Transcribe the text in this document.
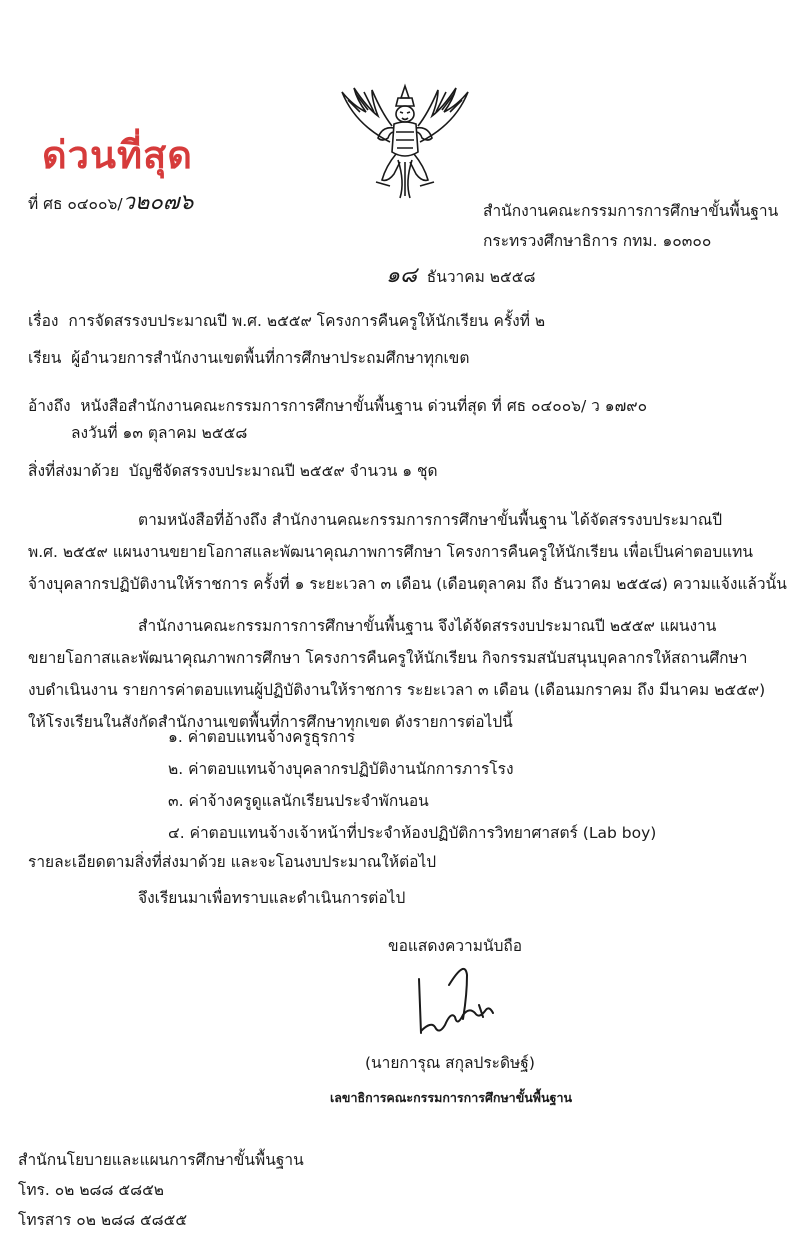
ด่วนที่สุด
ที่ ศธ ๐๔๐๐๖/ว๒๐๗๖	สำนักงานคณะกรรมการการศึกษาขั้นพื้นฐาน
กระทรวงศึกษาธิการ กทม. ๑๐๓๐๐
๑๘ ธันวาคม ๒๕๕๘
เรื่อง การจัดสรรงบประมาณปี พ.ศ. ๒๕๕๙ โครงการคืนครูให้นักเรียน ครั้งที่ ๒
เรียน ผู้อำนวยการสำนักงานเขตพื้นที่การศึกษาประถมศึกษาทุกเขต
อ้างถึง หนังสือสำนักงานคณะกรรมการการศึกษาขั้นพื้นฐาน ด่วนที่สุด ที่ ศธ ๐๔๐๐๖/ ว ๑๗๙๐
ลงวันที่ ๑๓ ตุลาคม ๒๕๕๘
สิ่งที่ส่งมาด้วย บัญชีจัดสรรงบประมาณปี ๒๕๕๙ จำนวน ๑ ชุด
ตามหนังสือที่อ้างถึง สำนักงานคณะกรรมการการศึกษาขั้นพื้นฐาน ได้จัดสรรงบประมาณปี
พ.ศ. ๒๕๕๙ แผนงานขยายโอกาสและพัฒนาคุณภาพการศึกษา โครงการคืนครูให้นักเรียน เพื่อเป็นค่าตอบแทน
จ้างบุคลากรปฏิบัติงานให้ราชการ ครั้งที่ ๑ ระยะเวลา ๓ เดือน (เดือนตุลาคม ถึง ธันวาคม ๒๕๕๘) ความแจ้งแล้วนั้น
สำนักงานคณะกรรมการการศึกษาขั้นพื้นฐาน จึงได้จัดสรรงบประมาณปี ๒๕๕๙ แผนงาน
ขยายโอกาสและพัฒนาคุณภาพการศึกษา โครงการคืนครูให้นักเรียน กิจกรรมสนับสนุนบุคลากรให้สถานศึกษา
งบดำเนินงาน รายการค่าตอบแทนผู้ปฏิบัติงานให้ราชการ ระยะเวลา ๓ เดือน (เดือนมกราคม ถึง มีนาคม ๒๕๕๙)
ให้โรงเรียนในสังกัดสำนักงานเขตพื้นที่การศึกษาทุกเขต ดังรายการต่อไปนี้
๑. ค่าตอบแทนจ้างครูธุรการ
๒. ค่าตอบแทนจ้างบุคลากรปฏิบัติงานนักการภารโรง
๓. ค่าจ้างครูดูแลนักเรียนประจำพักนอน
๔. ค่าตอบแทนจ้างเจ้าหน้าที่ประจำห้องปฏิบัติการวิทยาศาสตร์ (Lab boy)
รายละเอียดตามสิ่งที่ส่งมาด้วย และจะโอนงบประมาณให้ต่อไป
จึงเรียนมาเพื่อทราบและดำเนินการต่อไป
ขอแสดงความนับถือ
(นายการุณ สกุลประดิษฐ์)
เลขาธิการคณะกรรมการการศึกษาขั้นพื้นฐาน
สำนักนโยบายและแผนการศึกษาขั้นพื้นฐาน
โทร. ๐๒ ๒๘๘ ๕๘๕๒
โทรสาร ๐๒ ๒๘๘ ๕๘๕๕
